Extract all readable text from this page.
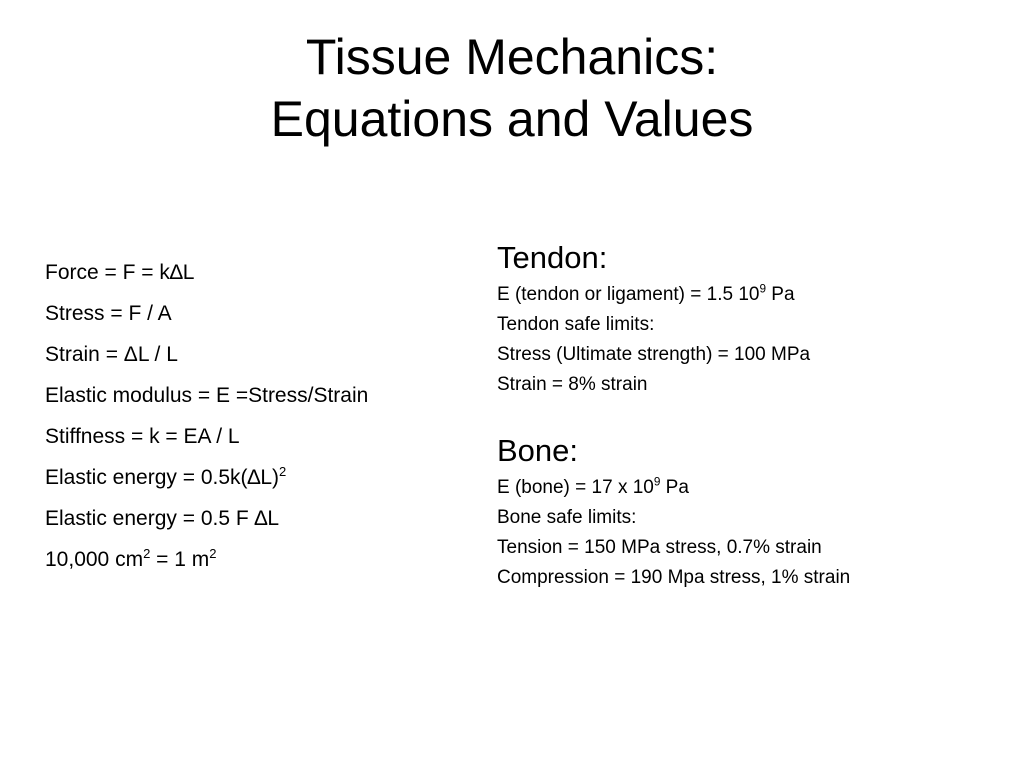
Tissue Mechanics:
Equations and Values
Force = F = k∆L
Stress = F / A
Strain = ΔL / L
Elastic modulus = E =Stress/Strain
Stiffness = k = EA / L
Elastic energy = $0.5k(\Delta L)^2$
Elastic energy = 0.5 F ∆L
10,000 $cm^2 = 1$ $m^2$
Tendon:
E (tendon or ligament) = 1.5 $10^9$ Pa
Tendon safe limits:
Stress (Ultimate strength) = 100 MPa
Strain = 8% strain
Bone:
E (bone) = 17 x $10^9$ Pa
Bone safe limits:
Tension = 150 MPa stress, 0.7% strain
Compression = 190 Mpa stress, 1% strain
